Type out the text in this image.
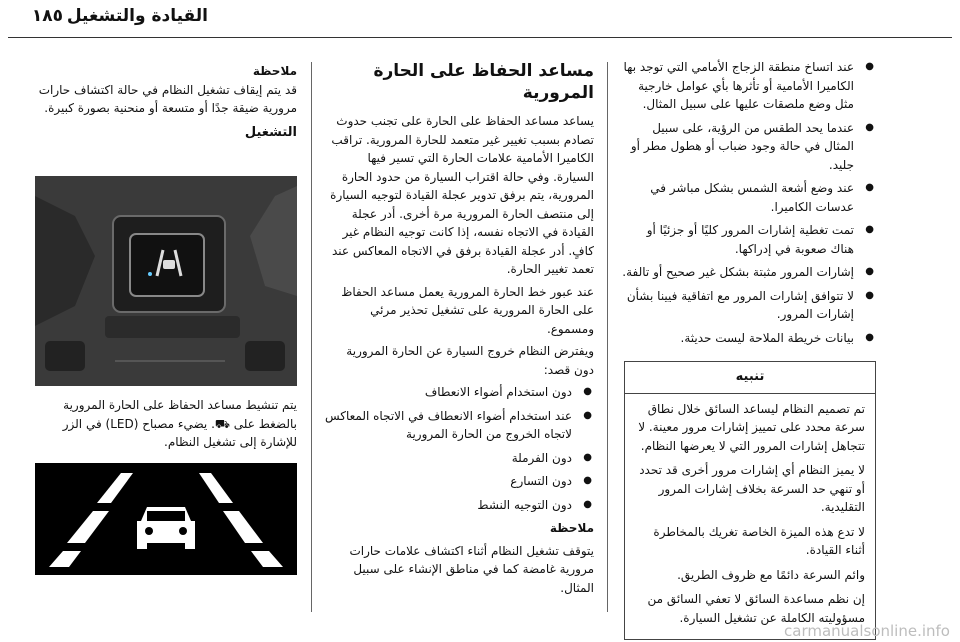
١٨٥ القيادة والتشغيل
● عند اتساخ منطقة الزجاج الأمامي التي توجد بها الكاميرا الأمامية أو تأثرها بأي عوامل خارجية مثل وضع ملصقات عليها على سبيل المثال.
● عندما يحد الطقس من الرؤية، على سبيل المثال في حالة وجود ضباب أو هطول مطر أو جليد.
● عند وضع أشعة الشمس بشكل مباشر في عدسات الكاميرا.
● تمت تغطية إشارات المرور كليًا أو جزئيًا أو هناك صعوبة في إدراكها.
● إشارات المرور مثبتة بشكل غير صحيح أو تالفة.
● لا تتوافق إشارات المرور مع اتفاقية فيينا بشأن إشارات المرور.
● بيانات خريطة الملاحة ليست حديثة.
تنبيه

تم تصميم النظام ليساعد السائق خلال نطاق سرعة محدد على تمييز إشارات مرور معينة. لا تتجاهل إشارات المرور التي لا يعرضها النظام.

لا يميز النظام أي إشارات مرور أخرى قد تحدد أو تنهي حد السرعة بخلاف إشارات المرور التقليدية.

لا تدع هذه الميزة الخاصة تغريك بالمخاطرة أثناء القيادة.

وائم السرعة دائمًا مع ظروف الطريق.

إن نظم مساعدة السائق لا تعفي السائق من مسؤوليته الكاملة عن تشغيل السيارة.

مساعد الحفاظ على الحارة المرورية

يساعد مساعد الحفاظ على الحارة على تجنب حدوث تصادم بسبب تغيير غير متعمد للحارة المرورية. تراقب الكاميرا الأمامية علامات الحارة التي تسير فيها السيارة. وفي حالة اقتراب السيارة من حدود الحارة المرورية، يتم برفق تدوير عجلة القيادة لتوجيه السيارة إلى منتصف الحارة المرورية مرة أخرى. أدر عجلة القيادة في الاتجاه نفسه، إذا كانت توجيه النظام غير كافٍ. أدر عجلة القيادة برفق في الاتجاه المعاكس عند تعمد تغيير الحارة.

عند عبور خط الحارة المرورية يعمل مساعد الحفاظ على الحارة المرورية على تشغيل تحذير مرئي ومسموع.

ويفترض النظام خروج السيارة عن الحارة المرورية دون قصد:

● دون استخدام أضواء الانعطاف
● عند استخدام أضواء الانعطاف في الاتجاه المعاكس لاتجاه الخروج من الحارة المرورية
● دون الفرملة
● دون التسارع
● دون التوجيه النشط

ملاحظة

يتوقف تشغيل النظام أثناء اكتشاف علامات حارات مرورية غامضة كما في مناطق الإنشاء على سبيل المثال.

ملاحظة

قد يتم إيقاف تشغيل النظام في حالة اكتشاف حارات مرورية ضيقة جدًا أو متسعة أو منحنية بصورة كبيرة.

التشغيل

يتم تنشيط مساعد الحفاظ على الحارة المرورية بالضغط على ⛟. يضيء مصباح (LED) في الزر للإشارة إلى تشغيل النظام.

carmanualsonline.info
